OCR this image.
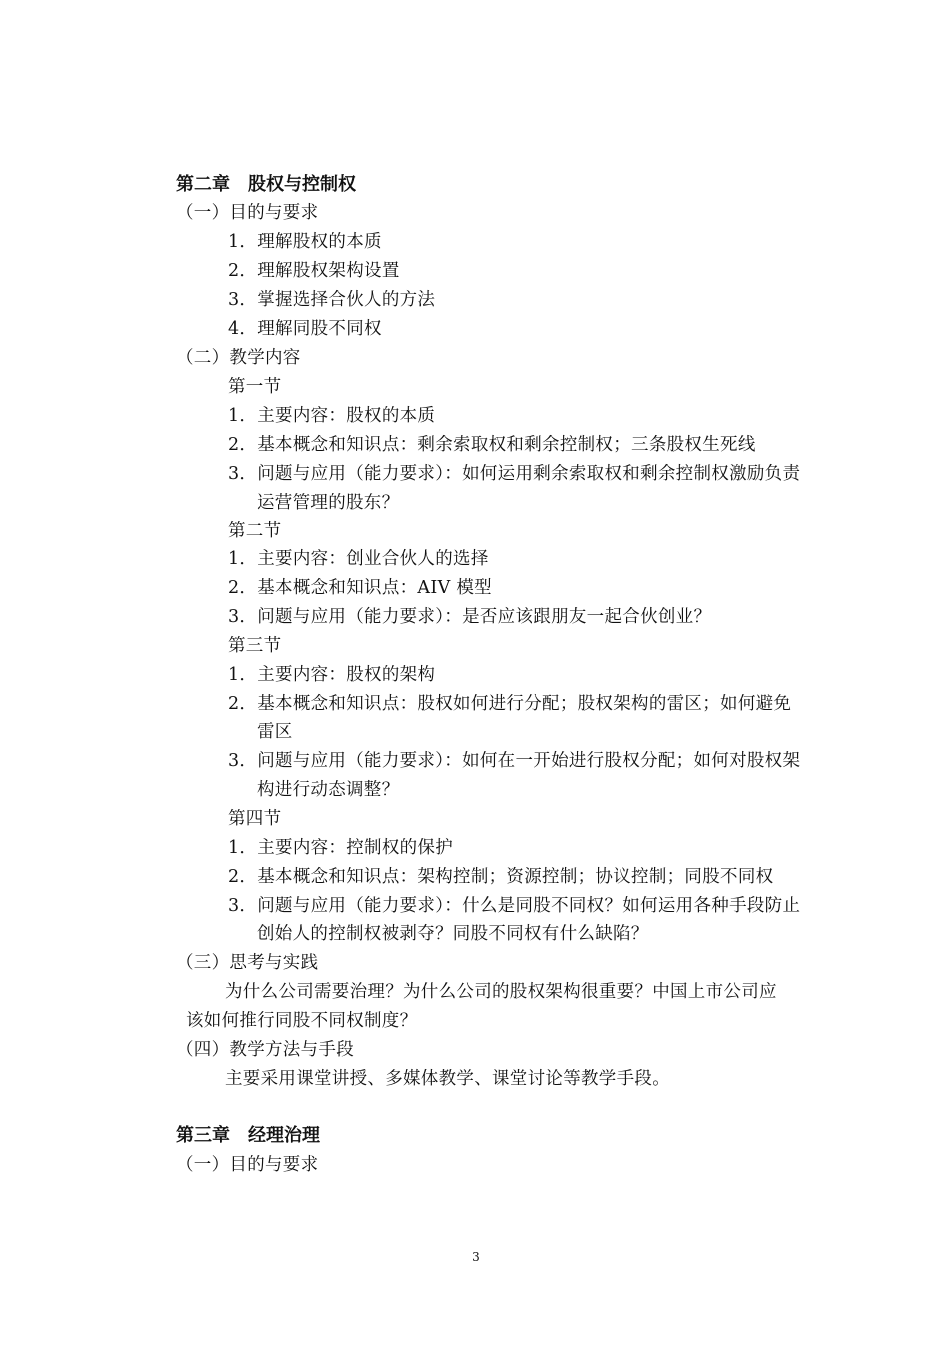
第二章 股权与控制权
（一）目的与要求
1．理解股权的本质
2．理解股权架构设置
3．掌握选择合伙人的方法
4．理解同股不同权
（二）教学内容
第一节
1．主要内容：股权的本质
2．基本概念和知识点：剩余索取权和剩余控制权；三条股权生死线
3．问题与应用（能力要求）：如何运用剩余索取权和剩余控制权激励负责
运营管理的股东？
第二节
1．主要内容：创业合伙人的选择
2．基本概念和知识点：AIV 模型
3．问题与应用（能力要求）：是否应该跟朋友一起合伙创业？
第三节
1．主要内容：股权的架构
2．基本概念和知识点：股权如何进行分配；股权架构的雷区；如何避免
雷区
3．问题与应用（能力要求）：如何在一开始进行股权分配；如何对股权架
构进行动态调整？
第四节
1．主要内容：控制权的保护
2．基本概念和知识点：架构控制；资源控制；协议控制；同股不同权
3．问题与应用（能力要求）：什么是同股不同权？如何运用各种手段防止
创始人的控制权被剥夺？同股不同权有什么缺陷？
（三）思考与实践
为什么公司需要治理？为什么公司的股权架构很重要？中国上市公司应
该如何推行同股不同权制度？
（四）教学方法与手段
主要采用课堂讲授、多媒体教学、课堂讨论等教学手段。
第三章 经理治理
（一）目的与要求
3
